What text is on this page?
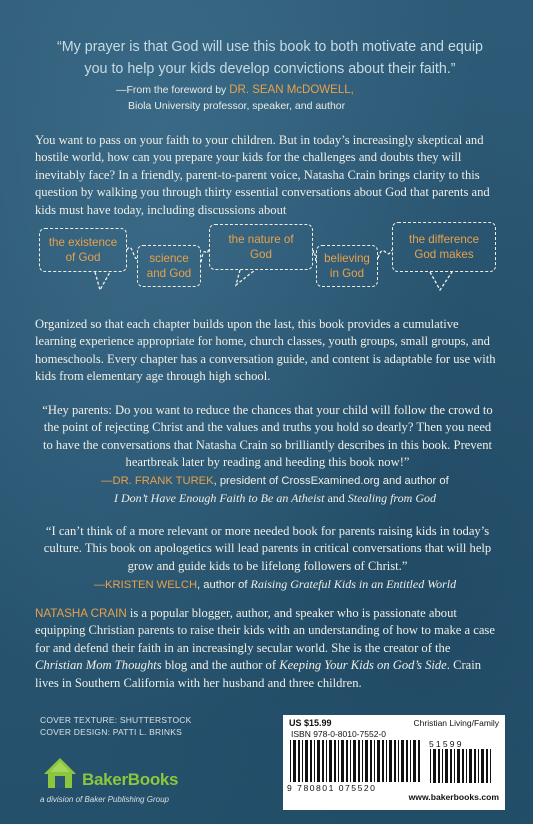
“My prayer is that God will use this book to both motivate and equip you to help your kids develop convictions about their faith.”
—From the foreword by DR. SEAN McDOWELL,
Biola University professor, speaker, and author
You want to pass on your faith to your children. But in today’s increasingly skeptical and hostile world, how can you prepare your kids for the challenges and doubts they will inevitably face? In a friendly, parent-to-parent voice, Natasha Crain brings clarity to this question by walking you through thirty essential conversations about God that parents and kids must have today, including discussions about
the existence of God	science and God
the nature of God	believing in God
the difference God makes
Organized so that each chapter builds upon the last, this book provides a cumulative learning experience appropriate for home, church classes, youth groups, small groups, and homeschools. Every chapter has a conversation guide, and content is adaptable for use with kids from elementary age through high school.
“Hey parents: Do you want to reduce the chances that your child will follow the crowd to the point of rejecting Christ and the values and truths you hold so dearly? Then you need to have the conversations that Natasha Crain so brilliantly describes in this book. Prevent heartbreak later by reading and heeding this book now!”
—DR. FRANK TUREK, president of CrossExamined.org and author of
I Don’t Have Enough Faith to Be an Atheist and Stealing from God
“I can’t think of a more relevant or more needed book for parents raising kids in today’s culture. This book on apologetics will lead parents in critical conversations that will help grow and guide kids to be lifelong followers of Christ.”
—KRISTEN WELCH, author of Raising Grateful Kids in an Entitled World
NATASHA CRAIN is a popular blogger, author, and speaker who is passionate about equipping Christian parents to raise their kids with an understanding of how to make a case for and defend their faith in an increasingly secular world. She is the creator of the Christian Mom Thoughts blog and the author of Keeping Your Kids on God’s Side. Crain lives in Southern California with her husband and three children.
COVER TEXTURE: SHUTTERSTOCK
COVER DESIGN: PATTI L. BRINKS
BakerBooks
a division of Baker Publishing Group
US $15.99	Christian Living/Family
ISBN 978-0-8010-7552-0
51599
9 780801 075520
www.bakerbooks.com
